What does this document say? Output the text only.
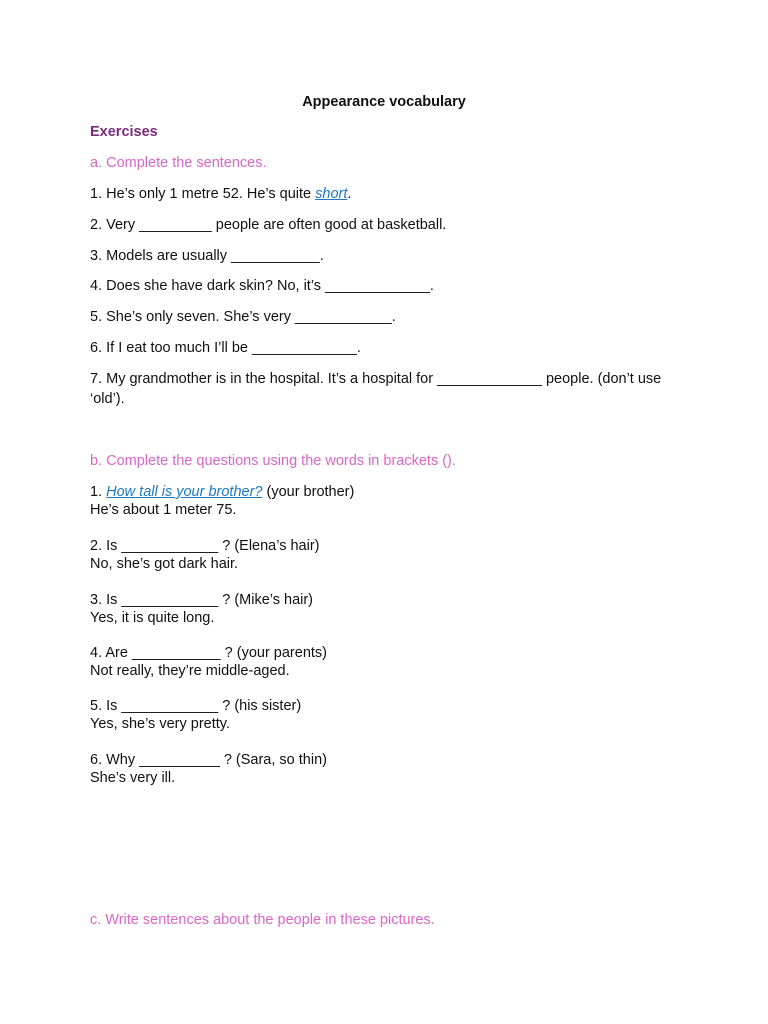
Appearance vocabulary
Exercises
a. Complete the sentences.
1. He’s only 1 metre 52. He’s quite short.
2. Very _________ people are often good at basketball.
3. Models are usually ___________.
4. Does she have dark skin? No, it’s _____________.
5. She’s only seven. She’s very ____________.
6. If I eat too much I’ll be _____________.
7. My grandmother is in the hospital. It’s a hospital for _____________ people. (don’t use ‘old’).
b. Complete the questions using the words in brackets ().
1. How tall is your brother? (your brother)
He’s about 1 meter 75.
2. Is ____________ ? (Elena’s hair)
No, she’s got dark hair.
3. Is ____________ ? (Mike’s hair)
Yes, it is quite long.
4. Are ___________ ? (your parents)
Not really, they’re middle-aged.
5. Is ____________ ? (his sister)
Yes, she’s very pretty.
6. Why __________ ? (Sara, so thin)
She’s very ill.
c. Write sentences about the people in these pictures.
